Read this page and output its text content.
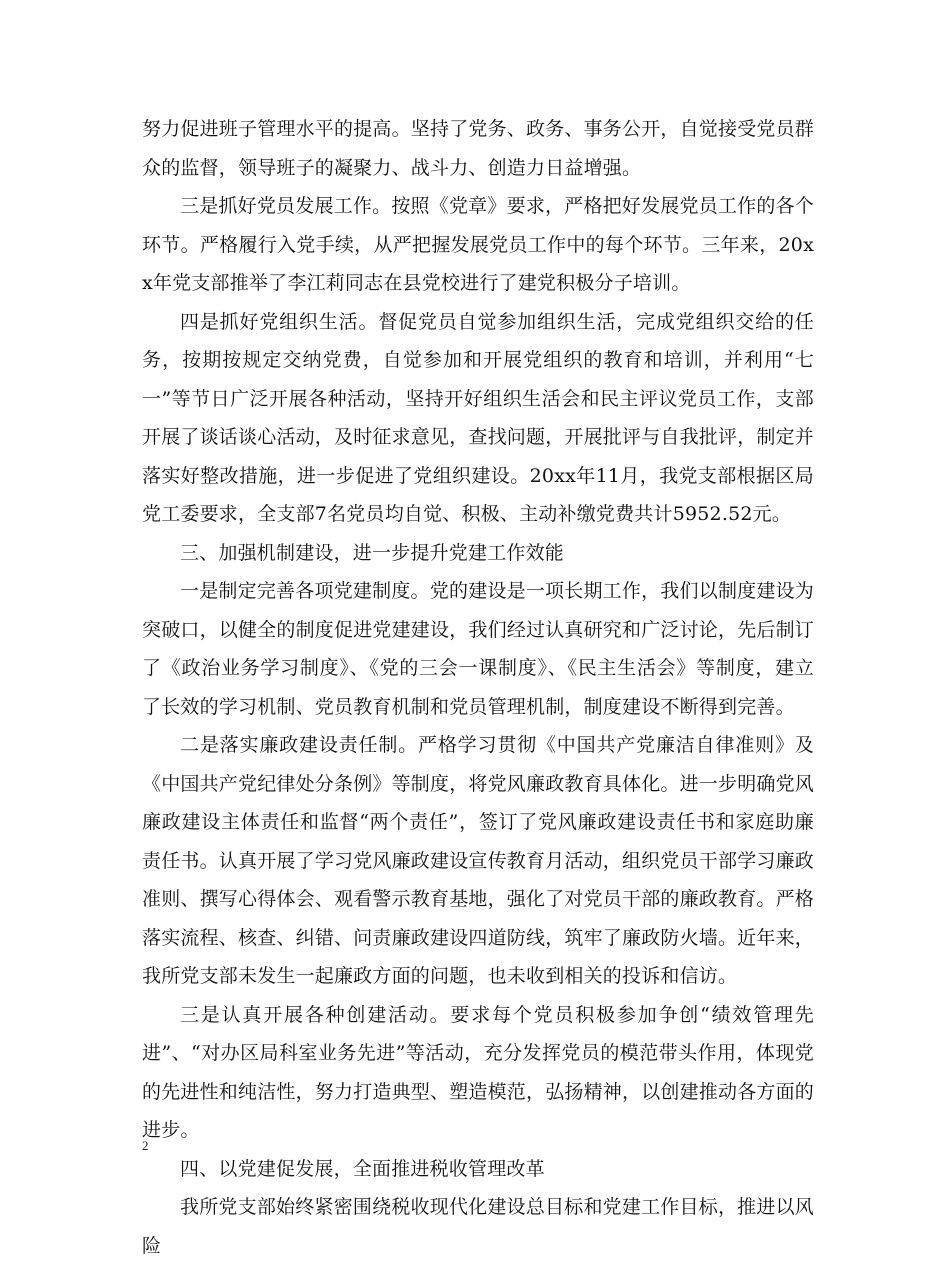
努力促进班子管理水平的提高。坚持了党务、政务、事务公开，自觉接受党员群众的监督，领导班子的凝聚力、战斗力、创造力日益增强。

三是抓好党员发展工作。按照《党章》要求，严格把好发展党员工作的各个环节。严格履行入党手续，从严把握发展党员工作中的每个环节。三年来，20xx年党支部推举了李江莉同志在县党校进行了建党积极分子培训。

四是抓好党组织生活。督促党员自觉参加组织生活，完成党组织交给的任务，按期按规定交纳党费，自觉参加和开展党组织的教育和培训，并利用“七一”等节日广泛开展各种活动，坚持开好组织生活会和民主评议党员工作，支部开展了谈话谈心活动，及时征求意见，查找问题，开展批评与自我批评，制定并落实好整改措施，进一步促进了党组织建设。20xx年11月，我党支部根据区局党工委要求，全支部7名党员均自觉、积极、主动补缴党费共计5952.52元。

三、加强机制建设，进一步提升党建工作效能

一是制定完善各项党建制度。党的建设是一项长期工作，我们以制度建设为突破口，以健全的制度促进党建建设，我们经过认真研究和广泛讨论，先后制订了《政治业务学习制度》、《党的三会一课制度》、《民主生活会》等制度，建立了长效的学习机制、党员教育机制和党员管理机制，制度建设不断得到完善。

二是落实廉政建设责任制。严格学习贯彻《中国共产党廉洁自律准则》及《中国共产党纪律处分条例》等制度，将党风廉政教育具体化。进一步明确党风廉政建设主体责任和监督“两个责任”，签订了党风廉政建设责任书和家庭助廉责任书。认真开展了学习党风廉政建设宣传教育月活动，组织党员干部学习廉政准则、撰写心得体会、观看警示教育基地，强化了对党员干部的廉政教育。严格落实流程、核查、纠错、问责廉政建设四道防线，筑牢了廉政防火墙。近年来，我所党支部未发生一起廉政方面的问题，也未收到相关的投诉和信访。

三是认真开展各种创建活动。要求每个党员积极参加争创“绩效管理先进”、“对办区局科室业务先进”等活动，充分发挥党员的模范带头作用，体现党的先进性和纯洁性，努力打造典型、塑造模范，弘扬精神，以创建推动各方面的进步。

四、以党建促发展，全面推进税收管理改革

我所党支部始终紧密围绕税收现代化建设总目标和党建工作目标，推进以风险

2
